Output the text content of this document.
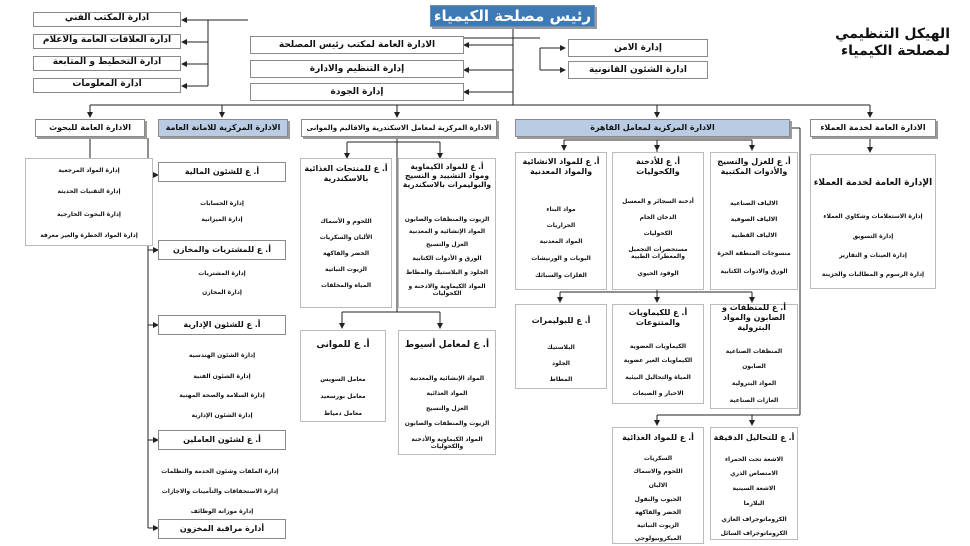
رئيس مصلحة الكيمياء
الهيكل التنظيمي
لمصلحة الكيمياء
ادارة المكتب الفني
ادارة العلاقات العامة والاعلام
ادارة التخطيط و المتابعة
ادارة المعلومات
الادارة العامة لمكتب رئيس المصلحة
إدارة التنظيم والادارة
إدارة الجودة
إدارة الامن
ادارة الشئون القانونية
الادارة العامة للبحوث	الادارة المركزية للامانة العامة	الادارة المركزية لمعامل الاسكندرية والاقاليم والموانى	الادارة المركزية لمعامل القاهرة	الادارة العامة لخدمة العملاء
إدارة المواد المرجعية
إدارة التقنيات الحديثة
إدارة البحوث الخارجية
إدارة المواد الخطرة والغير معرفة
أ. ع للشئون المالية
إدارة الحسابات
إدارة الميزانية
أ. ع للمشتريات والمخازن
إدارة المشتريات
إدارة المخازن
أ. ع للشئون الإدارية
إدارة الشئون الهندسية
إدارة الشئون الفنية
إدارة السلامة والصحة المهنية
إدارة الشئون الإدارية
أ. ع لشئون العاملين
إدارة الملفات وشئون الخدمة والتظلمات
إدارة الاستحقاقات والتأمينات والاجازات
إدارة موزانة الوظائف
أدارة مراقبة المخزون
أ. ع للمنتجات الغذائية بالاسكندرية
اللحوم و الأسماك
الألبان والسكريات
الخضر والفاكهة
الزيوت النباتية
المياه والمخلفات
أ. ع للمواد الكيماوية ومواد التشييد و النسيج والبوليمرات بالاسكندرية
الزيوت والمنظفات والصابون
المواد الإنشائية و المعدنية
الغزل والنسيج
الورق و الأدوات الكتابية
الجلود و البلاستيك والمطاط
المواد الكيماوية والادخنة و الكحوليات
أ. ع للموانى
معامل السويس
معامل بورسعيد
معامل دمياط
أ. ع لمعامل أسيوط
المواد الإنشائية والمعدنية
المواد الغذائية
الغزل والنسيج
الزيوت والمنظفات والصابون
المواد الكيماوية والأدخنة والكحوليات
أ. ع للمواد الانشائية والمواد المعدنية
مواد البناء
الحراريات
المواد المعدنية
البويات و الورنيشات
الفلزات والسبائك
أ. ع للأدخنة والكحوليات
أدخنة السجائر و المعسل
الدخان الخام
الكحوليات
مستحضرات التجميل والمعطرات الطبية
الوقود الحيوي
أ. ع للغزل والنسيج والأدوات المكتبية
الالياف الصناعية
الالياف الصوفية
الالياف القطنية
منسوجات المنطقة الحرة
الورق والادوات الكتابية
أ. ع للبوليمرات
البلاستيك
الجلود
المطاط
أ. ع للكيماويات والمتنوعات
الكيماويات العضوية
الكيماويات الغير عضوية
المياة والتحاليل البيئية
الاحبار و الصبغات
أ. ع للمنظفات و الصابون والمواد البترولية
المنظفات الصناعية
الصابون
المواد البترولية
الغازات الصناعية
أ. ع للمواد الغذائية
السكريات
اللحوم والاسماك
الالبان
الحبوب والبقول
الخضر والفاكهة
الزيوت النباتية
الميكروبيولوجي
أ. ع للتحاليل الدقيقة
الاشعة تحت الحمراء
الامتصاص الذري
الاشعة السينية
البلازما
الكروماتوجراف الغازي
الكروماتوجراف السائل
الإدارة العامة لخدمة العملاء
إدارة الاستعلامات وشكاوي العملاء
إدارة التسويق
إدارة العينات و التقارير
إدارة الرسوم و المطالبات والخزينة
